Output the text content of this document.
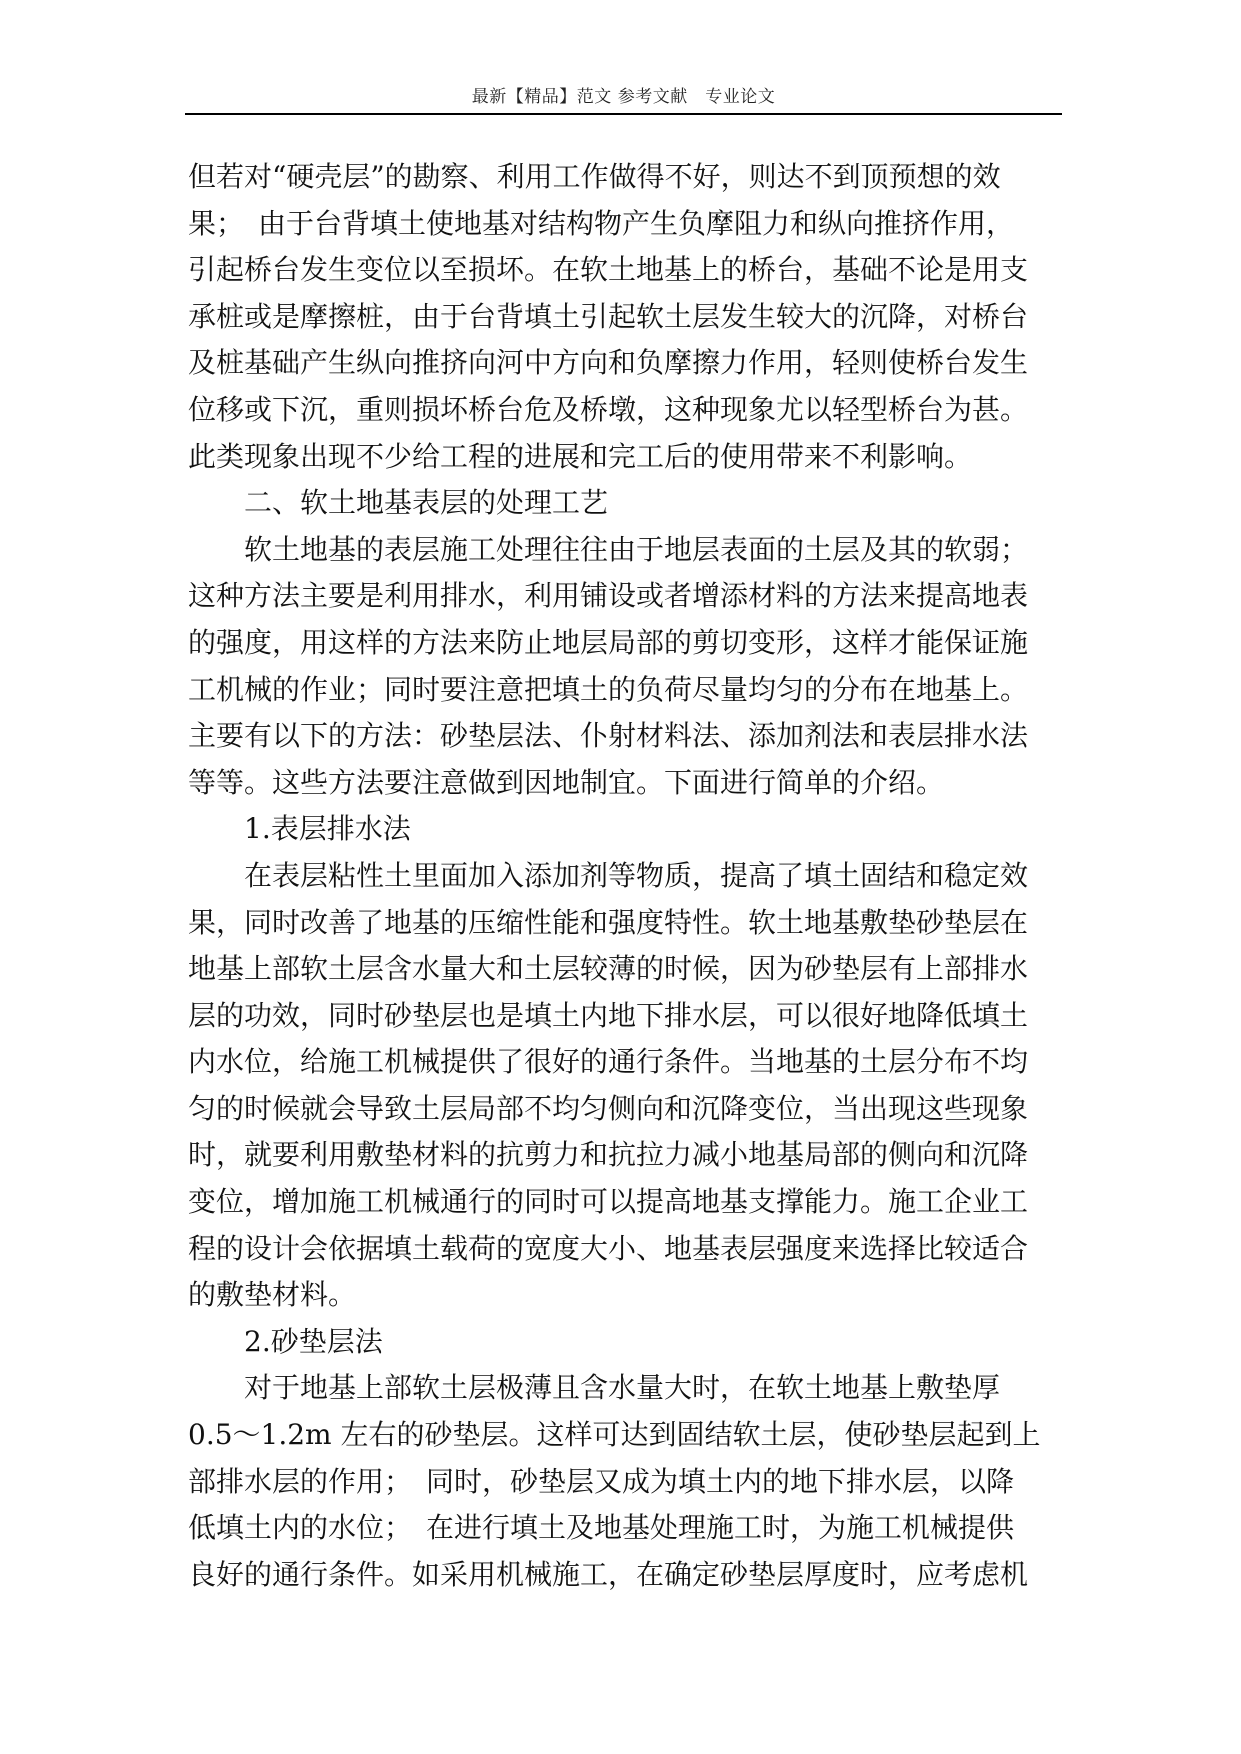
最新【精品】范文 参考文献　专业论文
但若对“硬壳层”的勘察、利用工作做得不好，则达不到顶预想的效
果；　由于台背填土使地基对结构物产生负摩阻力和纵向推挤作用，
引起桥台发生变位以至损坏。在软土地基上的桥台，基础不论是用支
承桩或是摩擦桩，由于台背填土引起软土层发生较大的沉降，对桥台
及桩基础产生纵向推挤向河中方向和负摩擦力作用，轻则使桥台发生
位移或下沉，重则损坏桥台危及桥墩，这种现象尤以轻型桥台为甚。
此类现象出现不少给工程的进展和完工后的使用带来不利影响。
二、软土地基表层的处理工艺
软土地基的表层施工处理往往由于地层表面的土层及其的软弱；
这种方法主要是利用排水，利用铺设或者增添材料的方法来提高地表
的强度，用这样的方法来防止地层局部的剪切变形，这样才能保证施
工机械的作业；同时要注意把填土的负荷尽量均匀的分布在地基上。
主要有以下的方法：砂垫层法、仆射材料法、添加剂法和表层排水法
等等。这些方法要注意做到因地制宜。下面进行简单的介绍。
1.表层排水法
在表层粘性土里面加入添加剂等物质，提高了填土固结和稳定效
果，同时改善了地基的压缩性能和强度特性。软土地基敷垫砂垫层在
地基上部软土层含水量大和土层较薄的时候，因为砂垫层有上部排水
层的功效，同时砂垫层也是填土内地下排水层，可以很好地降低填土
内水位，给施工机械提供了很好的通行条件。当地基的土层分布不均
匀的时候就会导致土层局部不均匀侧向和沉降变位，当出现这些现象
时，就要利用敷垫材料的抗剪力和抗拉力减小地基局部的侧向和沉降
变位，增加施工机械通行的同时可以提高地基支撑能力。施工企业工
程的设计会依据填土载荷的宽度大小、地基表层强度来选择比较适合
的敷垫材料。
2.砂垫层法
对于地基上部软土层极薄且含水量大时，在软土地基上敷垫厚
0.5～1.2m 左右的砂垫层。这样可达到固结软土层，使砂垫层起到上
部排水层的作用；　同时，砂垫层又成为填土内的地下排水层，以降
低填土内的水位；　在进行填土及地基处理施工时，为施工机械提供
良好的通行条件。如采用机械施工，在确定砂垫层厚度时，应考虑机
